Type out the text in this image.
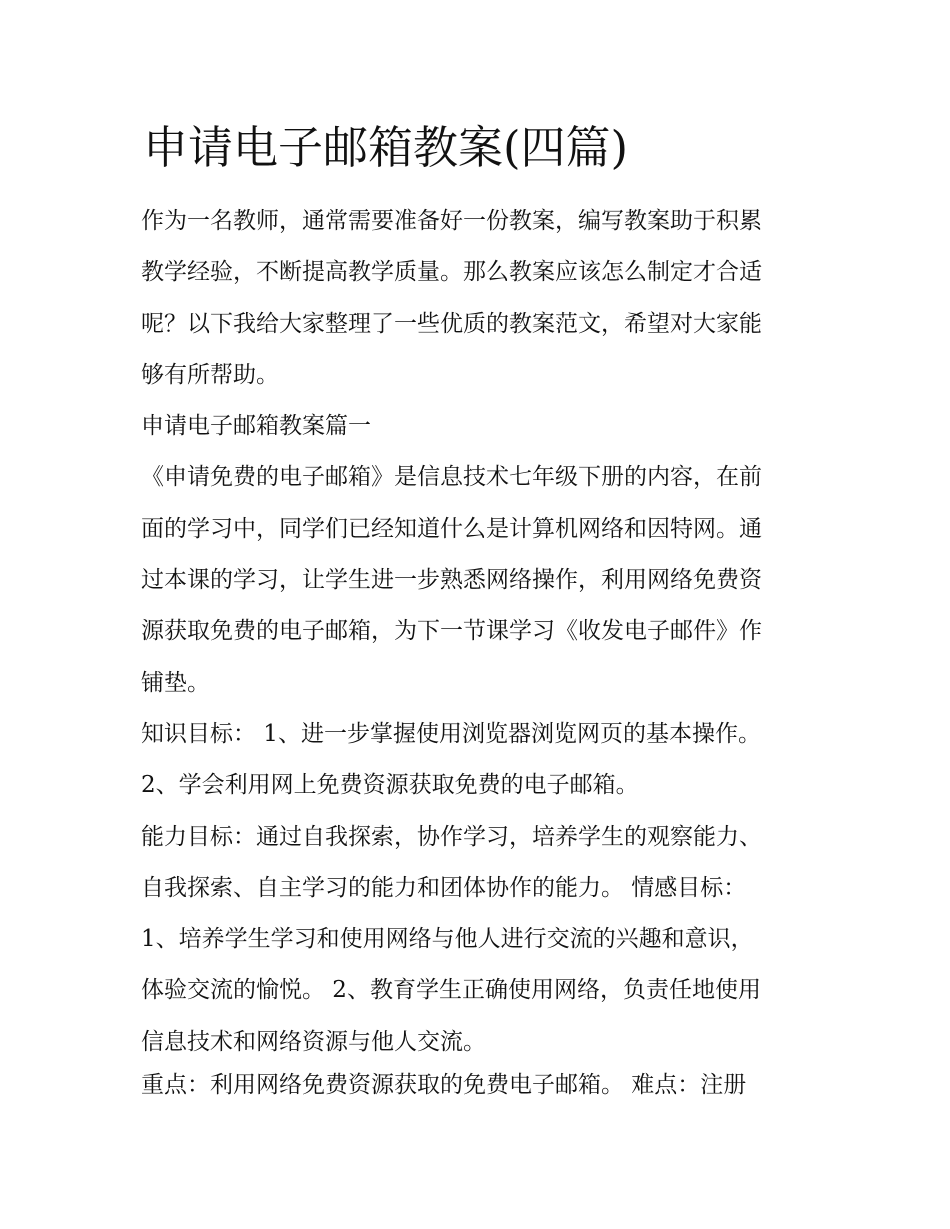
申请电子邮箱教案(四篇)
作为一名教师，通常需要准备好一份教案，编写教案助于积累
教学经验，不断提高教学质量。那么教案应该怎么制定才合适
呢？以下我给大家整理了一些优质的教案范文，希望对大家能
够有所帮助。
申请电子邮箱教案篇一
《申请免费的电子邮箱》是信息技术七年级下册的内容，在前
面的学习中，同学们已经知道什么是计算机网络和因特网。通
过本课的学习，让学生进一步熟悉网络操作，利用网络免费资
源获取免费的电子邮箱，为下一节课学习《收发电子邮件》作
铺垫。
知识目标： 1、进一步掌握使用浏览器浏览网页的基本操作。
2、学会利用网上免费资源获取免费的电子邮箱。
能力目标：通过自我探索，协作学习，培养学生的观察能力、
自我探索、自主学习的能力和团体协作的能力。 情感目标：
1、培养学生学习和使用网络与他人进行交流的兴趣和意识，
体验交流的愉悦。 2、教育学生正确使用网络，负责任地使用
信息技术和网络资源与他人交流。
重点：利用网络免费资源获取的免费电子邮箱。 难点：注册
